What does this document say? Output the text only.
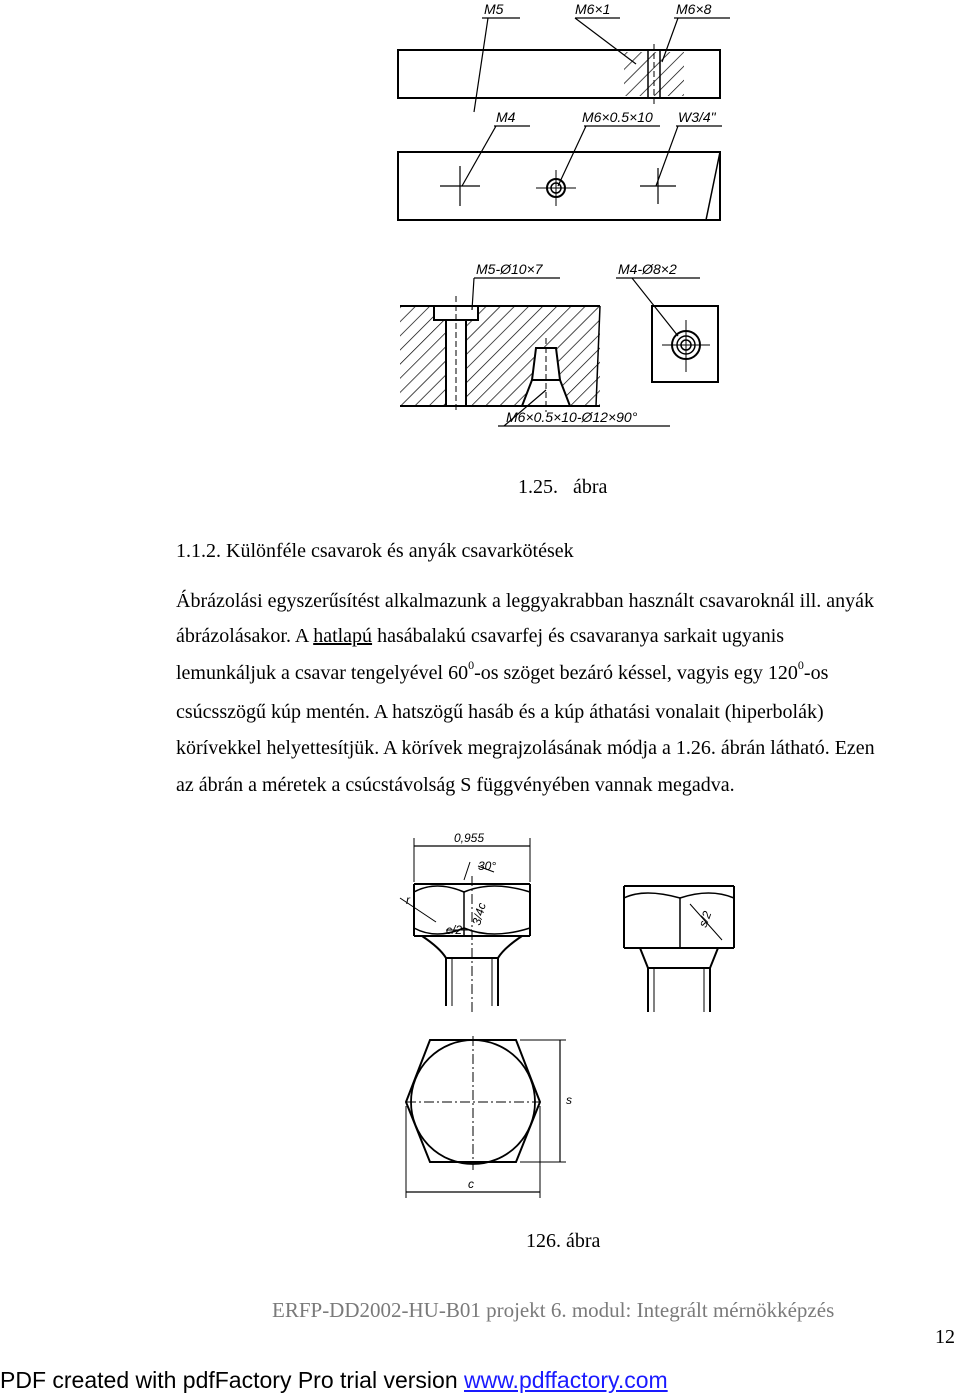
M5	M6×1	M6×8
M4	M6×0.5×10 W3/4"
M5-Ø10×7	M4-Ø8×2
M6×0.5×10-Ø12×90°
1.25.   ábra
1.1.2. Különféle csavarok és anyák csavarkötések
Ábrázolási egyszerűsítést alkalmazunk a leggyakrabban használt csavaroknál ill. anyák
ábrázolásakor. A hatlapú hasábalakú csavarfej és csavaranya sarkait ugyanis
lemunkáljuk a csavar tengelyével $60^0-os$ szöget bezáró késsel, vagyis egy $120^0-os$
csúcsszögű kúp mentén. A hatszögű hasáb és a kúp áthatási vonalait (hiperbolák)
körívekkel helyettesítjük. A körívek megrajzolásának módja a 1.26. ábrán látható. Ezen
az ábrán a méretek a csúcstávolság S függvényében vannak megadva.
0,955
30°
r
c/2
3/4c	s/2
s
c
126. ábra
ERFP-DD2002-HU-B01 projekt 6. modul: Integrált mérnökképzés
12
PDF created with pdfFactory Pro trial version www.pdffactory.com
